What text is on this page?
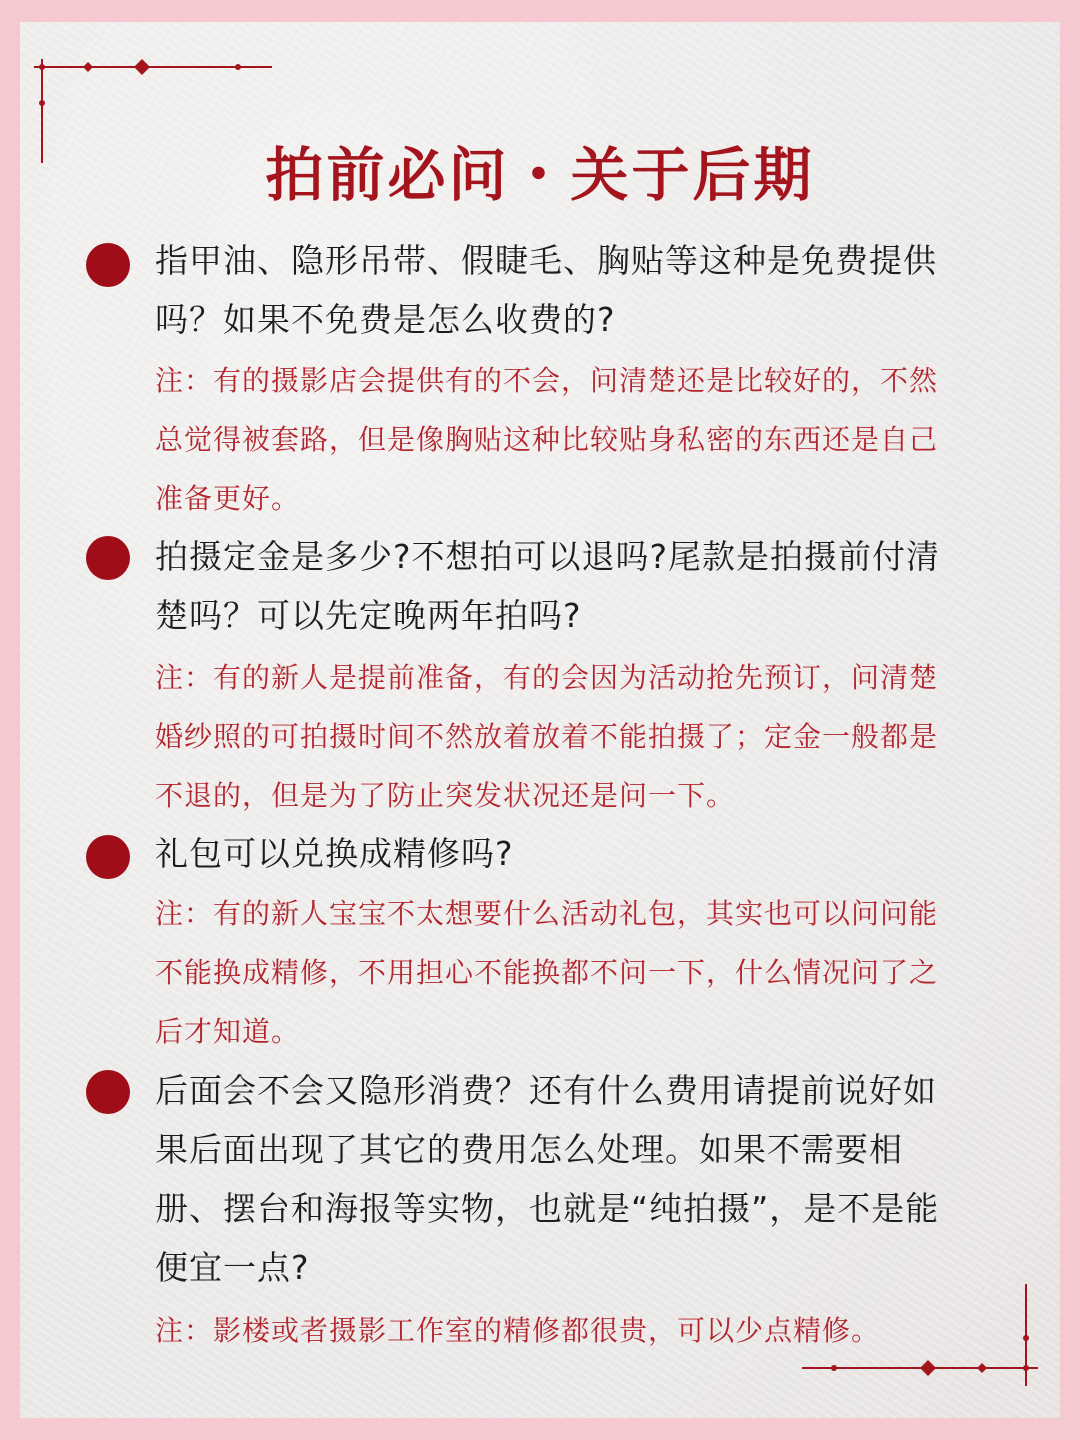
拍前必问・关于后期
指甲油、隐形吊带、假睫毛、胸贴等这种是免费提供吗？如果不免费是怎么收费的?
注：有的摄影店会提供有的不会，问清楚还是比较好的，不然总觉得被套路，但是像胸贴这种比较贴身私密的东西还是自己准备更好。
拍摄定金是多少?不想拍可以退吗?尾款是拍摄前付清楚吗？可以先定晚两年拍吗?
注：有的新人是提前准备，有的会因为活动抢先预订，问清楚婚纱照的可拍摄时间不然放着放着不能拍摄了；定金一般都是不退的，但是为了防止突发状况还是问一下。
礼包可以兑换成精修吗?
注：有的新人宝宝不太想要什么活动礼包，其实也可以问问能不能换成精修，不用担心不能换都不问一下，什么情况问了之后才知道。
后面会不会又隐形消费？还有什么费用请提前说好如果后面出现了其它的费用怎么处理。如果不需要相册、摆台和海报等实物，也就是“纯拍摄”，是不是能便宜一点?
注：影楼或者摄影工作室的精修都很贵，可以少点精修。
